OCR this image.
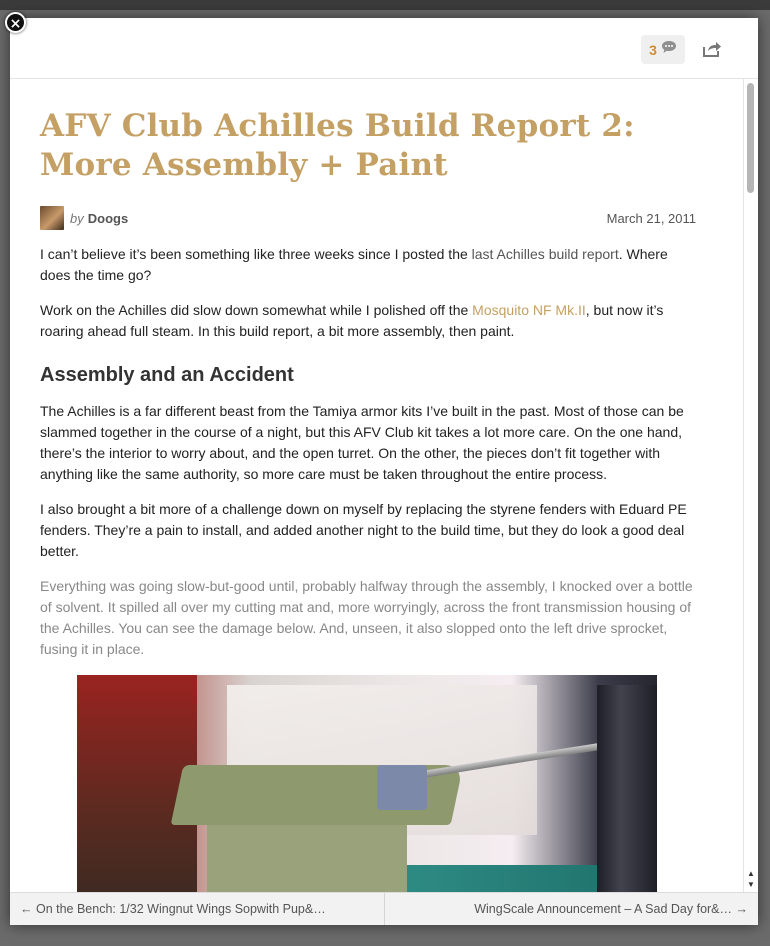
×
3
AFV Club Achilles Build Report 2: More Assembly + Paint
by Doogs	March 21, 2011

I can’t believe it’s been something like three weeks since I posted the last Achilles build report. Where does the time go?

Work on the Achilles did slow down somewhat while I polished off the Mosquito NF Mk.II, but now it’s roaring ahead full steam. In this build report, a bit more assembly, then paint.

Assembly and an Accident

The Achilles is a far different beast from the Tamiya armor kits I’ve built in the past. Most of those can be slammed together in the course of a night, but this AFV Club kit takes a lot more care. On the one hand, there’s the interior to worry about, and the open turret. On the other, the pieces don’t fit together with anything like the same authority, so more care must be taken throughout the entire process.

I also brought a bit more of a challenge down on myself by replacing the styrene fenders with Eduard PE fenders. They’re a pain to install, and added another night to the build time, but they do look a good deal better.

Everything was going slow-but-good until, probably halfway through the assembly, I knocked over a bottle of solvent. It spilled all over my cutting mat and, more worryingly, across the front transmission housing of the Achilles. You can see the damage below. And, unseen, it also slopped onto the left drive sprocket, fusing it in place.

▲
▼
← On the Bench: 1/32 Wingnut Wings Sopwith Pup&…	WingScale Announcement – A Sad Day for&… →
